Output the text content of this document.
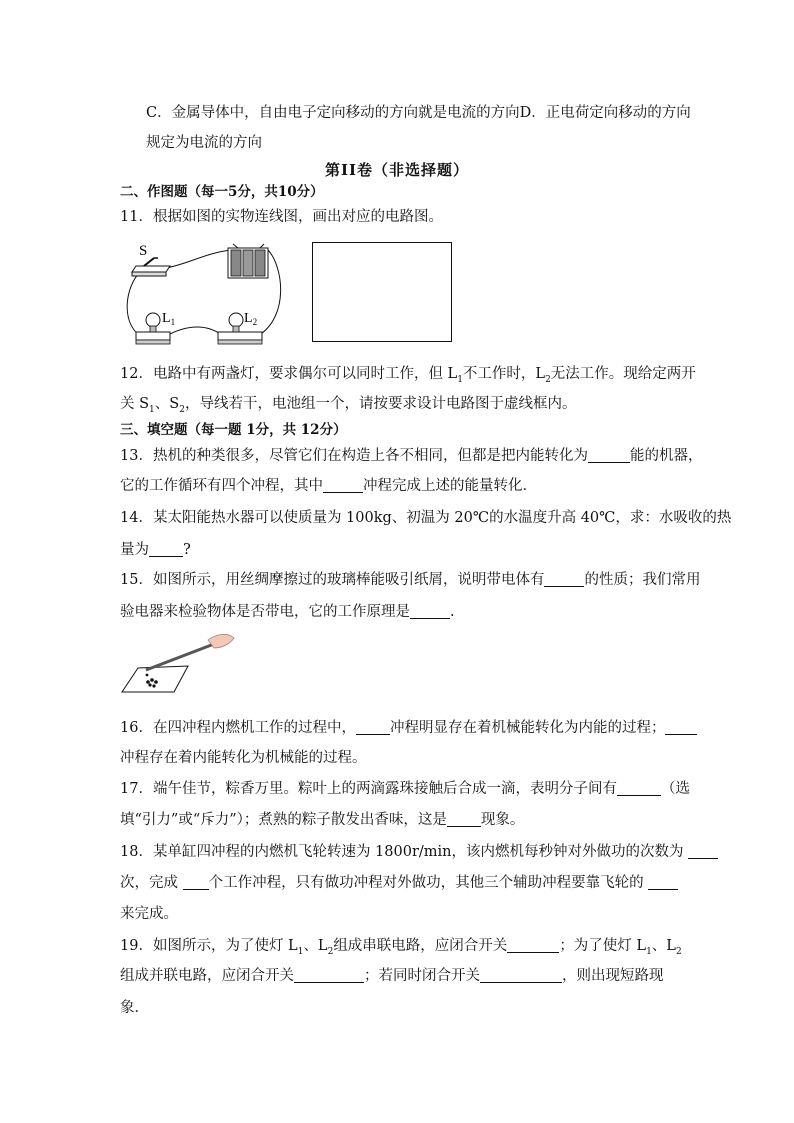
C．金属导体中，自由电子定向移动的方向就是电流的方向D．正电荷定向移动的方向
规定为电流的方向
第II卷（非选择题）
二、作图题（每一5分，共10分）
11．根据如图的实物连线图，画出对应的电路图。
S
$L_1$	$L_2$
12．电路中有两盏灯，要求偶尔可以同时工作，但 $L_1$不工作时，$L_2$无法工作。现给定两开
关 $S_1$、$S_2$，导线若干，电池组一个，请按要求设计电路图于虚线框内。
三、填空题（每一题 1分，共 12分）
13．热机的种类很多，尽管它们在构造上各不相同，但都是把内能转化为	能的机器，
它的工作循环有四个冲程，其中	冲程完成上述的能量转化．
14．某太阳能热水器可以使质量为 100kg、初温为 20℃的水温度升高 40℃，求：水吸收的热
量为 ?
15．如图所示，用丝绸摩擦过的玻璃棒能吸引纸屑，说明带电体有	的性质；我们常用
验电器来检验物体是否带电，它的工作原理是	.
16．在四冲程内燃机工作的过程中， 冲程明显存在着机械能转化为内能的过程；
冲程存在着内能转化为机械能的过程。
17．端午佳节，粽香万里。粽叶上的两滴露珠接触后合成一滴，表明分子间有	（选
填“引力”或“斥力”）；煮熟的粽子散发出香味，这是 现象。
18．某单缸四冲程的内燃机飞轮转速为 1800r/min，该内燃机每秒钟对外做功的次数为
次，完成 个工作冲程，只有做功冲程对外做功，其他三个辅助冲程要靠飞轮的
来完成。
19．如图所示，为了使灯 $L_1$、$L_2$组成串联电路，应闭合开关	；为了使灯 $L_1$、$L_2$
组成并联电路，应闭合开关	；若同时闭合开关	，则出现短路现
象．
